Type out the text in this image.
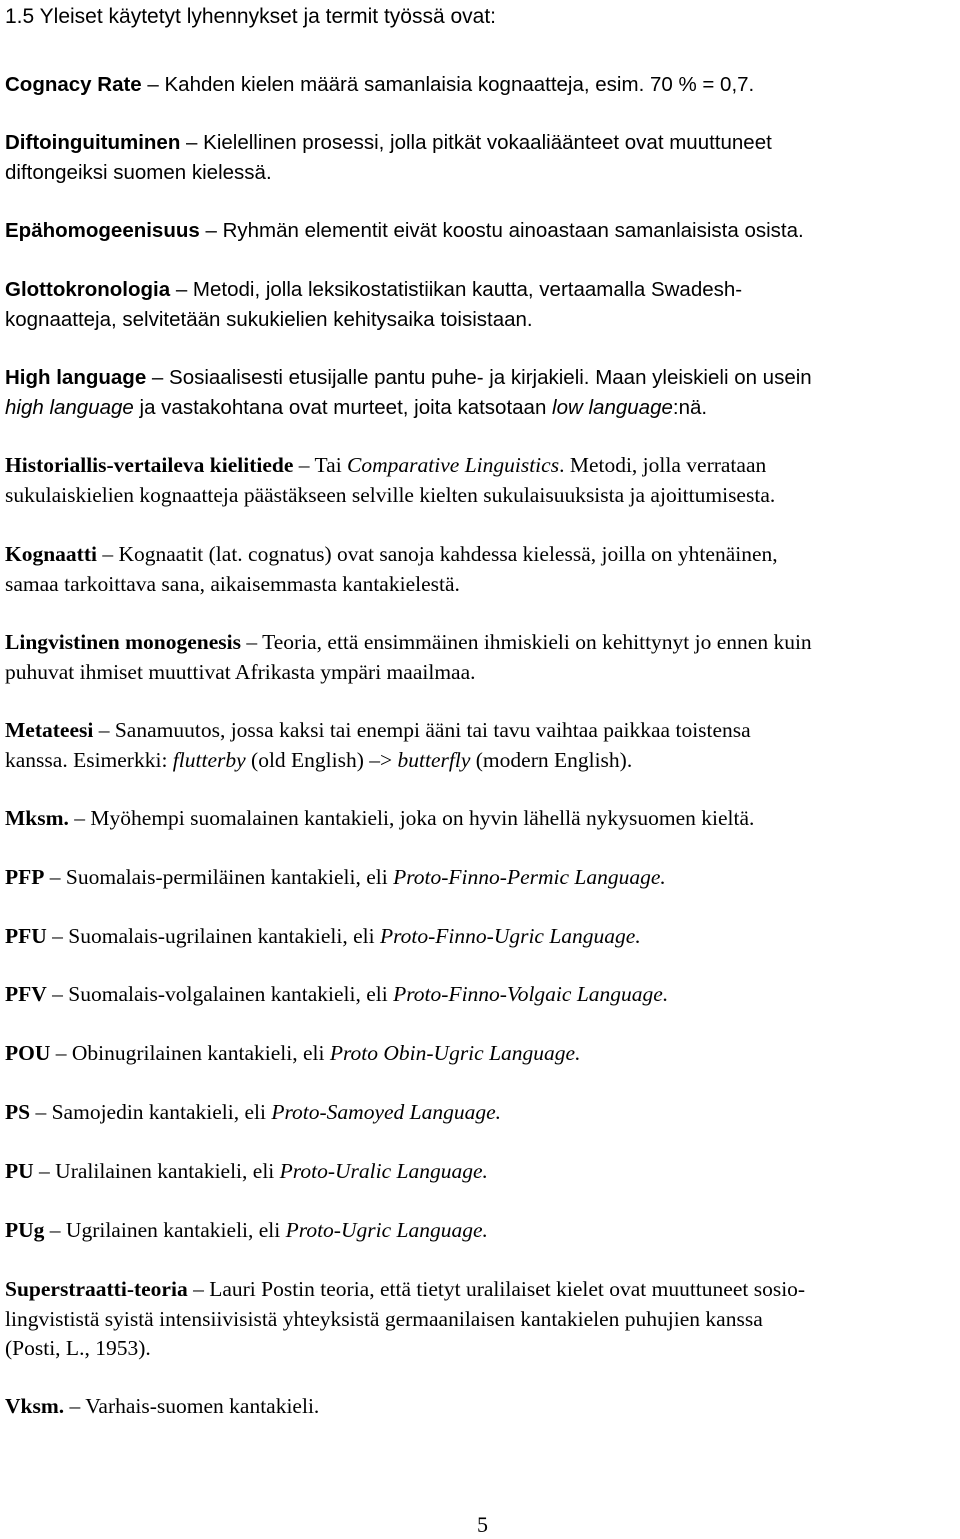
1.5 Yleiset käytetyt lyhennykset ja termit työssä ovat:
Cognacy Rate – Kahden kielen määrä samanlaisia kognaatteja, esim. 70 % = 0,7.
Diftoinguituminen – Kielellinen prosessi, jolla pitkät vokaaliäänteet ovat muuttuneet
diftongeiksi suomen kielessä.
Epähomogeenisuus – Ryhmän elementit eivät koostu ainoastaan samanlaisista osista.
Glottokronologia – Metodi, jolla leksikostatistiikan kautta, vertaamalla Swadesh-
kognaatteja, selvitetään sukukielien kehitysaika toisistaan.
High language – Sosiaalisesti etusijalle pantu puhe- ja kirjakieli. Maan yleiskieli on usein
high language ja vastakohtana ovat murteet, joita katsotaan low language:nä.
Historiallis-vertaileva kielitiede – Tai Comparative Linguistics. Metodi, jolla verrataan
sukulaiskielien kognaatteja päästäkseen selville kielten sukulaisuuksista ja ajoittumisesta.
Kognaatti – Kognaatit (lat. cognatus) ovat sanoja kahdessa kielessä, joilla on yhtenäinen,
samaa tarkoittava sana, aikaisemmasta kantakielestä.
Lingvistinen monogenesis – Teoria, että ensimmäinen ihmiskieli on kehittynyt jo ennen kuin
puhuvat ihmiset muuttivat Afrikasta ympäri maailmaa.
Metateesi – Sanamuutos, jossa kaksi tai enempi ääni tai tavu vaihtaa paikkaa toistensa
kanssa. Esimerkki: flutterby (old English) –> butterfly (modern English).
Mksm. – Myöhempi suomalainen kantakieli, joka on hyvin lähellä nykysuomen kieltä.
PFP – Suomalais-permiläinen kantakieli, eli Proto-Finno-Permic Language.
PFU – Suomalais-ugrilainen kantakieli, eli Proto-Finno-Ugric Language.
PFV – Suomalais-volgalainen kantakieli, eli Proto-Finno-Volgaic Language.
POU – Obinugrilainen kantakieli, eli Proto Obin-Ugric Language.
PS – Samojedin kantakieli, eli Proto-Samoyed Language.
PU – Uralilainen kantakieli, eli Proto-Uralic Language.
PUg – Ugrilainen kantakieli, eli Proto-Ugric Language.
Superstraatti-teoria – Lauri Postin teoria, että tietyt uralilaiset kielet ovat muuttuneet sosio-
lingvististä syistä intensiivisistä yhteyksistä germaanilaisen kantakielen puhujien kanssa
(Posti, L., 1953).
Vksm. – Varhais-suomen kantakieli.
5
